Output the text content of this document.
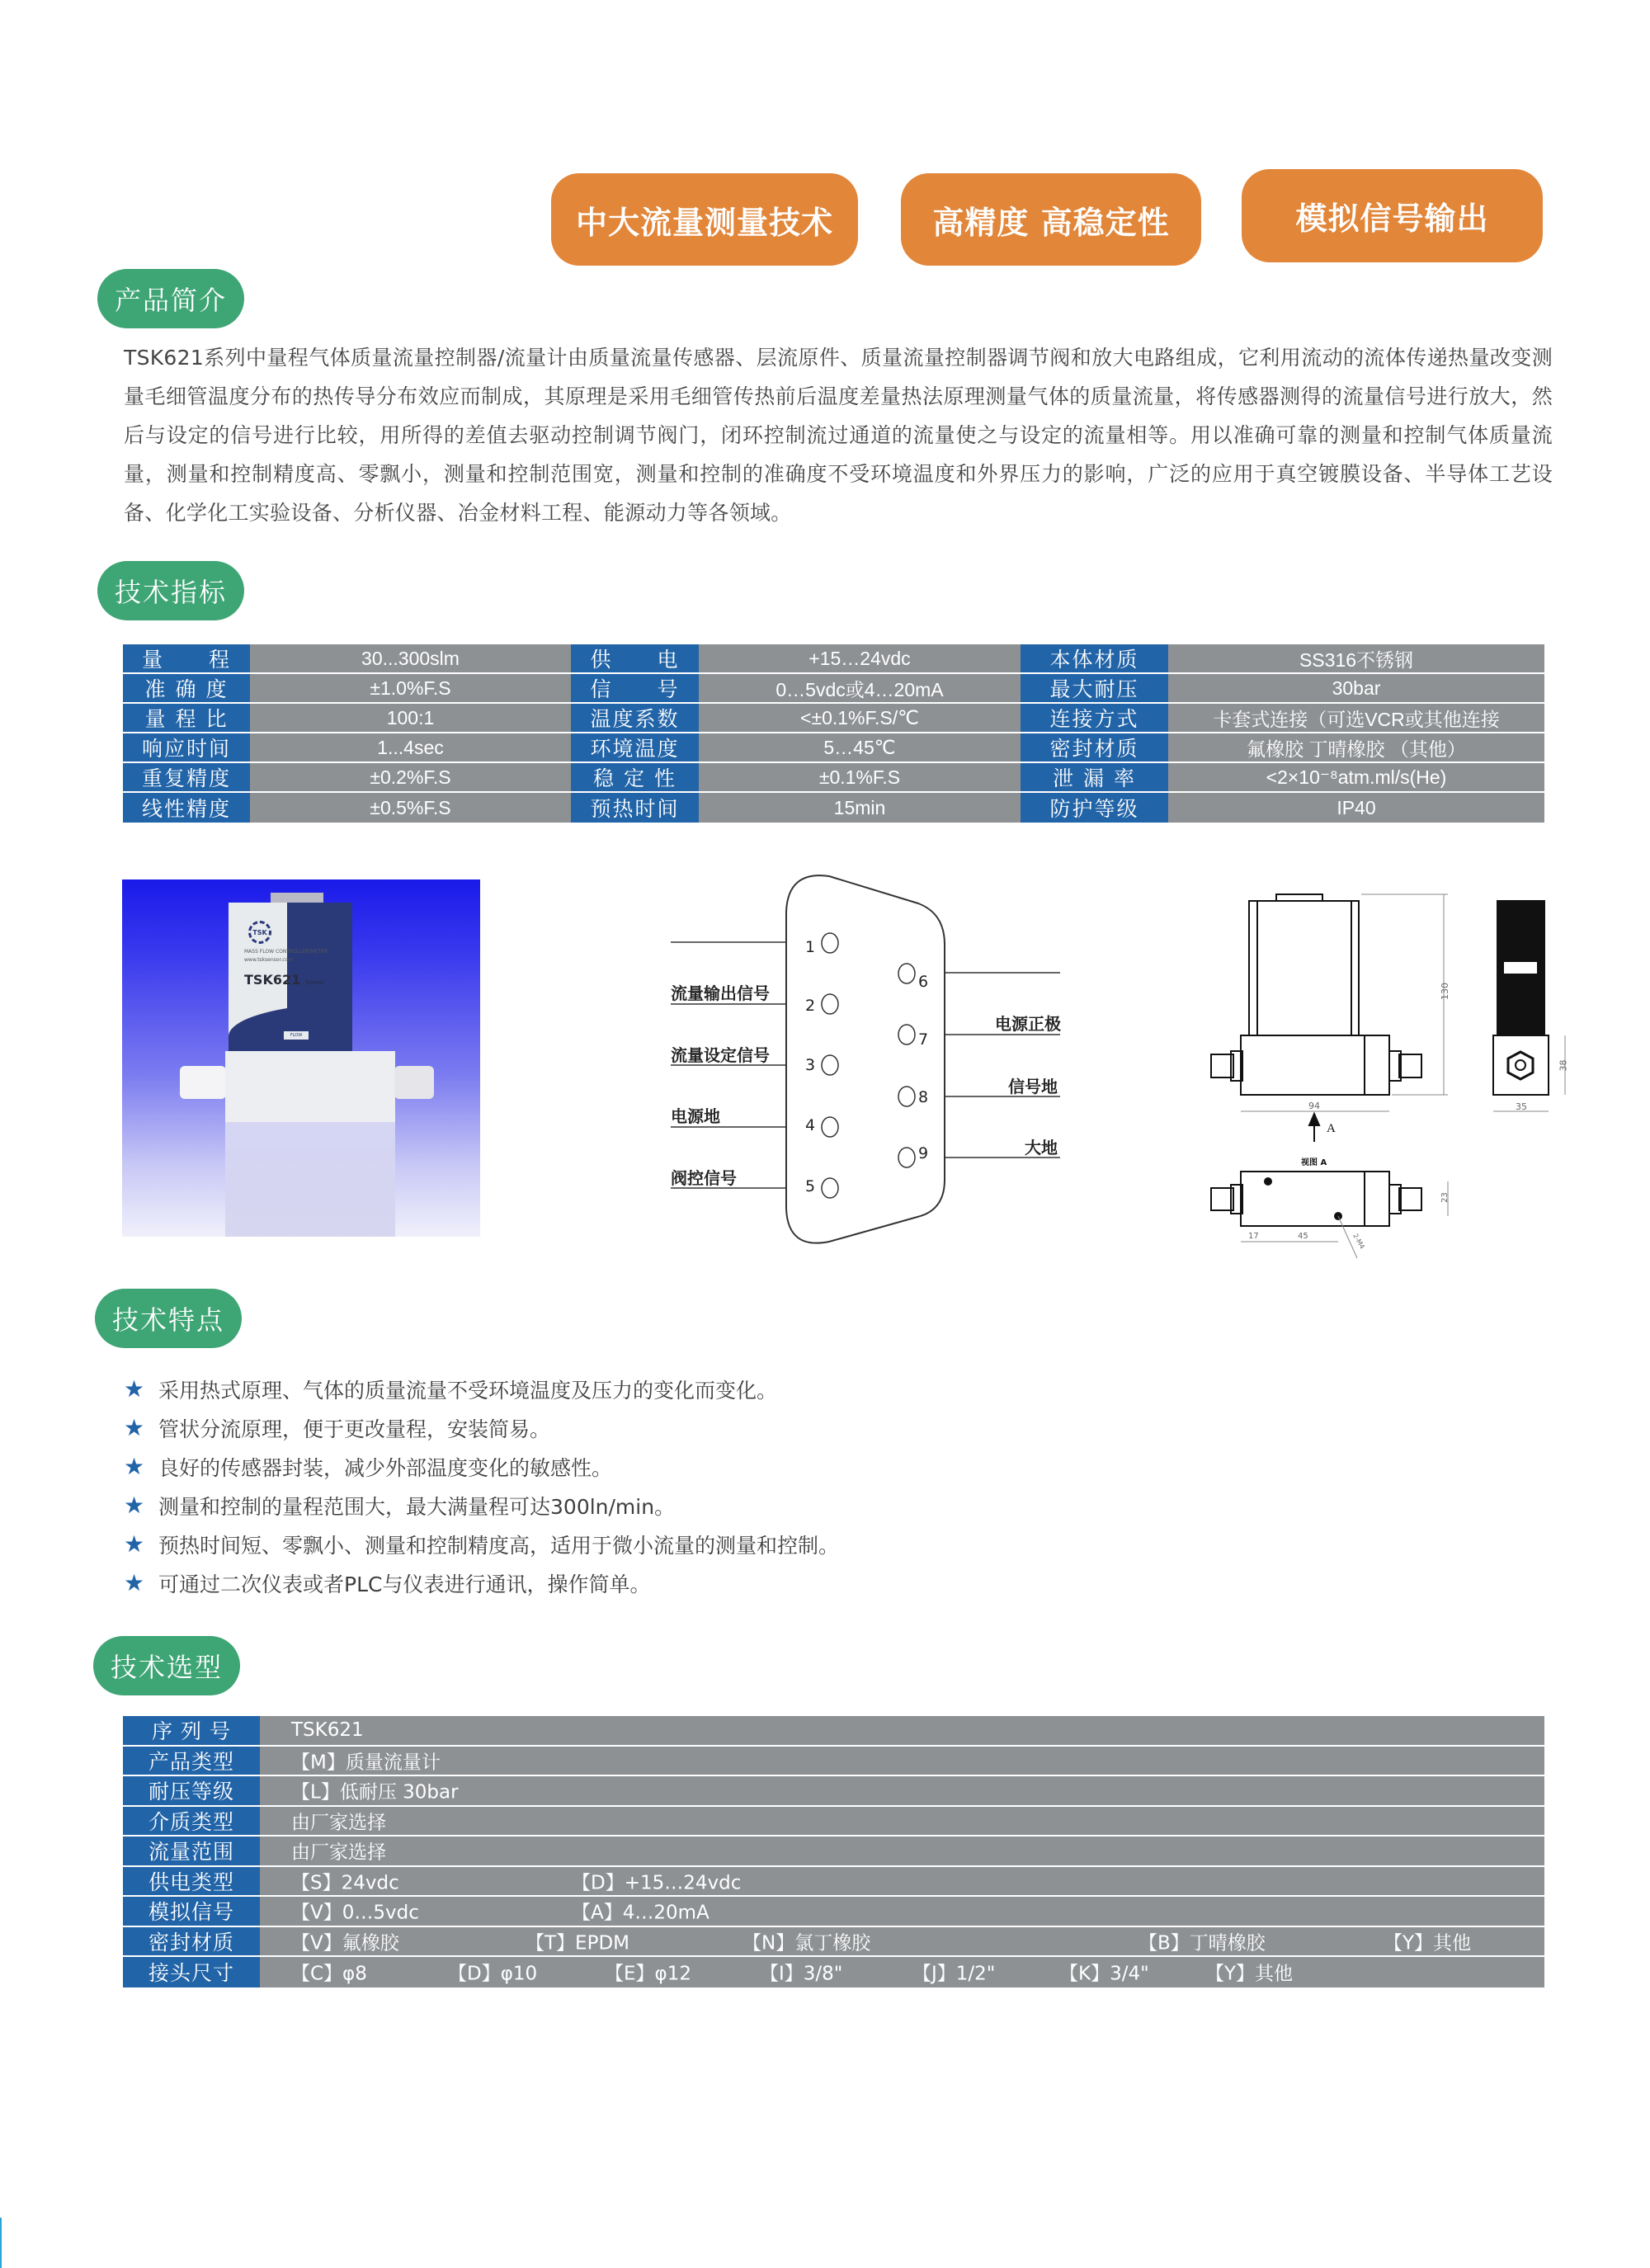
中大流量测量技术	高精度 高稳定性	模拟信号输出
产品简介
TSK621系列中量程气体质量流量控制器/流量计由质量流量传感器、层流原件、质量流量控制器调节阀和放大电路组成，它利用流动的流体传递热量改变测量毛细管温度分布的热传导分布效应而制成，其原理是采用毛细管传热前后温度差量热法原理测量气体的质量流量，将传感器测得的流量信号进行放大，然后与设定的信号进行比较，用所得的差值去驱动控制调节阀门，闭环控制流过通道的流量使之与设定的流量相等。用以准确可靠的测量和控制气体质量流量，测量和控制精度高、零飘小，测量和控制范围宽，测量和控制的准确度不受环境温度和外界压力的影响，广泛的应用于真空镀膜设备、半导体工艺设备、化学化工实验设备、分析仪器、冶金材料工程、能源动力等各领域。
技术指标
量　　程	30...300slm	供　　电	+15…24vdc	本体材质	SS316不锈钢
准 确 度	±1.0%F.S	信　　号	0…5vdc或4…20mA	最大耐压	30bar
量 程 比	100:1	温度系数	<±0.1%F.S/℃	连接方式	卡套式连接（可选VCR或其他连接
响应时间	1...4sec	环境温度	5…45℃	密封材质	氟橡胶 丁晴橡胶 （其他）
重复精度	±0.2%F.S	稳 定 性	±0.1%F.S	泄 漏 率	<2×10⁻⁸atm.ml/s(He)
线性精度	±0.5%F.S	预热时间	15min	防护等级	IP40
TSK
MASS FLOW CONTROLLER/METER
www.tsksensor.com
TSK621 Series
FLOW
1
2
3
4
5
6
7
8
9
流量输出信号
流量设定信号
电源地
阀控信号
电源正极
信号地
大地
130
94	35
38
A
视图 A
17	45
23
2-M4
技术特点
★ 采用热式原理、气体的质量流量不受环境温度及压力的变化而变化。
★ 管状分流原理，便于更改量程，安装简易。
★ 良好的传感器封装，减少外部温度变化的敏感性。
★ 测量和控制的量程范围大，最大满量程可达300ln/min。
★ 预热时间短、零飘小、测量和控制精度高，适用于微小流量的测量和控制。
★ 可通过二次仪表或者PLC与仪表进行通讯，操作简单。
技术选型
序 列 号	TSK621
产品类型	【M】质量流量计
耐压等级	【L】低耐压 30bar
介质类型	由厂家选择
流量范围	由厂家选择
供电类型	【S】24vdc	【D】+15…24vdc
模拟信号	【V】0…5vdc	【A】4…20mA
密封材质	【V】氟橡胶	【T】EPDM	【N】氯丁橡胶	【B】丁晴橡胶	【Y】其他
接头尺寸	【C】φ8	【D】φ10	【E】φ12	【I】3/8"	【J】1/2"	【K】3/4"	【Y】其他
